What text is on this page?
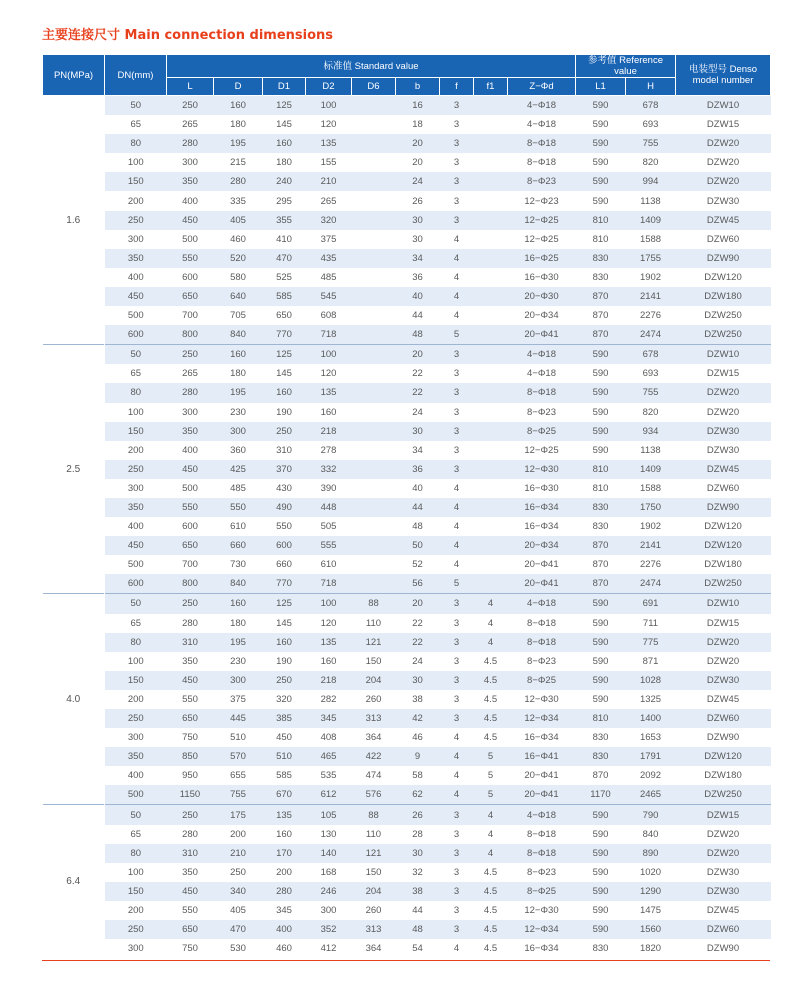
主要连接尺寸 Main connection dimensions
PN(MPa)	DN(mm)	标准值 Standard value									参考值 Reference value		电装型号 Denso model number
		L	D	D1	D2	D6	b	f	f1	Z−Φd	L1	H	
1.6	50	250	160	125	100		16	3		4−Φ18	590	678	DZW10
	65	265	180	145	120		18	3		4−Φ18	590	693	DZW15
	80	280	195	160	135		20	3		8−Φ18	590	755	DZW20
	100	300	215	180	155		20	3		8−Φ18	590	820	DZW20
	150	350	280	240	210		24	3		8−Φ23	590	994	DZW20
	200	400	335	295	265		26	3		12−Φ23	590	1138	DZW30
	250	450	405	355	320		30	3		12−Φ25	810	1409	DZW45
	300	500	460	410	375		30	4		12−Φ25	810	1588	DZW60
	350	550	520	470	435		34	4		16−Φ25	830	1755	DZW90
	400	600	580	525	485		36	4		16−Φ30	830	1902	DZW120
	450	650	640	585	545		40	4		20−Φ30	870	2141	DZW180
	500	700	705	650	608		44	4		20−Φ34	870	2276	DZW250
	600	800	840	770	718		48	5		20−Φ41	870	2474	DZW250
2.5	50	250	160	125	100		20	3		4−Φ18	590	678	DZW10
	65	265	180	145	120		22	3		4−Φ18	590	693	DZW15
	80	280	195	160	135		22	3		8−Φ18	590	755	DZW20
	100	300	230	190	160		24	3		8−Φ23	590	820	DZW20
	150	350	300	250	218		30	3		8−Φ25	590	934	DZW30
	200	400	360	310	278		34	3		12−Φ25	590	1138	DZW30
	250	450	425	370	332		36	3		12−Φ30	810	1409	DZW45
	300	500	485	430	390		40	4		16−Φ30	810	1588	DZW60
	350	550	550	490	448		44	4		16−Φ34	830	1750	DZW90
	400	600	610	550	505		48	4		16−Φ34	830	1902	DZW120
	450	650	660	600	555		50	4		20−Φ34	870	2141	DZW120
	500	700	730	660	610		52	4		20−Φ41	870	2276	DZW180
	600	800	840	770	718		56	5		20−Φ41	870	2474	DZW250
4.0	50	250	160	125	100	88	20	3	4	4−Φ18	590	691	DZW10
	65	280	180	145	120	110	22	3	4	8−Φ18	590	711	DZW15
	80	310	195	160	135	121	22	3	4	8−Φ18	590	775	DZW20
	100	350	230	190	160	150	24	3	4.5	8−Φ23	590	871	DZW20
	150	450	300	250	218	204	30	3	4.5	8−Φ25	590	1028	DZW30
	200	550	375	320	282	260	38	3	4.5	12−Φ30	590	1325	DZW45
	250	650	445	385	345	313	42	3	4.5	12−Φ34	810	1400	DZW60
	300	750	510	450	408	364	46	4	4.5	16−Φ34	830	1653	DZW90
	350	850	570	510	465	422	9	4	5	16−Φ41	830	1791	DZW120
	400	950	655	585	535	474	58	4	5	20−Φ41	870	2092	DZW180
	500	1150	755	670	612	576	62	4	5	20−Φ41	1170	2465	DZW250
6.4	50	250	175	135	105	88	26	3	4	4−Φ18	590	790	DZW15
	65	280	200	160	130	110	28	3	4	8−Φ18	590	840	DZW20
	80	310	210	170	140	121	30	3	4	8−Φ18	590	890	DZW20
	100	350	250	200	168	150	32	3	4.5	8−Φ23	590	1020	DZW30
	150	450	340	280	246	204	38	3	4.5	8−Φ25	590	1290	DZW30
	200	550	405	345	300	260	44	3	4.5	12−Φ30	590	1475	DZW45
	250	650	470	400	352	313	48	3	4.5	12−Φ34	590	1560	DZW60
	300	750	530	460	412	364	54	4	4.5	16−Φ34	830	1820	DZW90
